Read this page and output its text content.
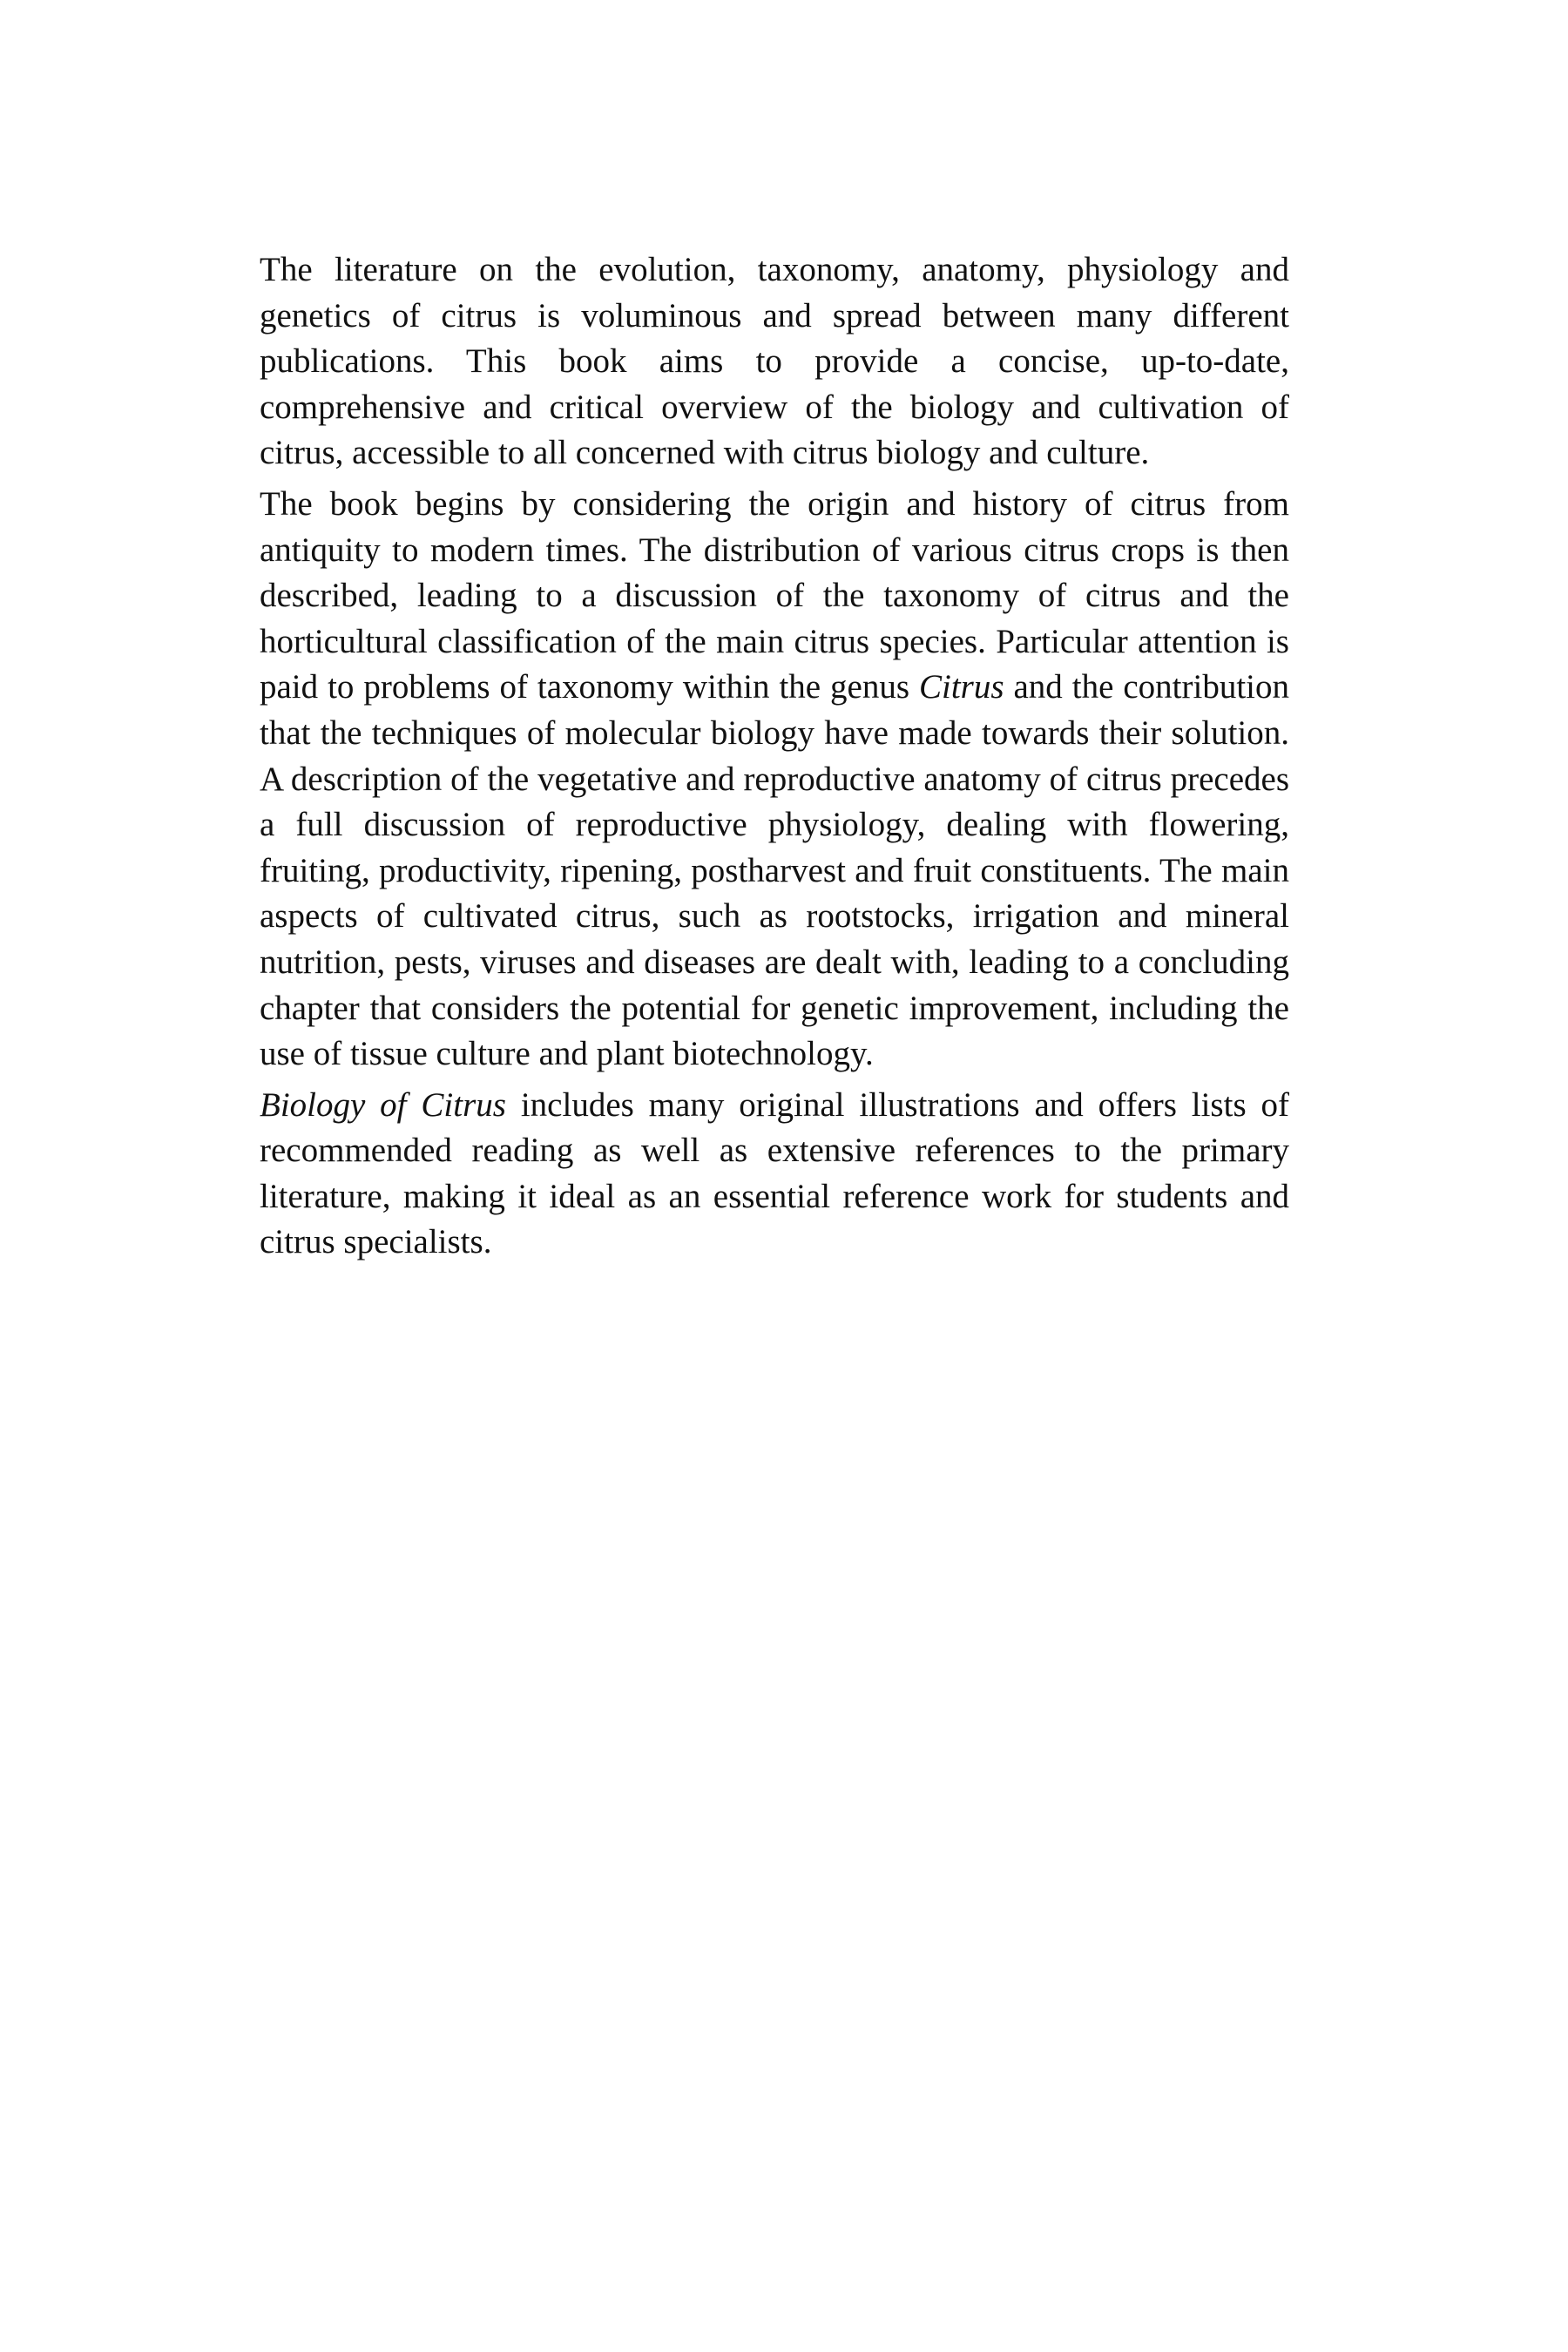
The literature on the evolution, taxonomy, anatomy, physiology and genetics of citrus is voluminous and spread between many different publications. This book aims to provide a concise, up-to-date, comprehensive and critical overview of the biology and cultivation of citrus, accessible to all concerned with citrus biology and culture.

The book begins by considering the origin and history of citrus from antiquity to modern times. The distribution of various citrus crops is then described, leading to a discussion of the taxonomy of citrus and the horticultural classification of the main citrus species. Particular attention is paid to problems of taxonomy within the genus Citrus and the contribution that the techniques of molecular biology have made towards their solution. A description of the vegetative and reproductive anatomy of citrus precedes a full discussion of reproductive physiology, dealing with flowering, fruiting, productivity, ripening, postharvest and fruit constituents. The main aspects of cultivated citrus, such as rootstocks, irrigation and mineral nutrition, pests, viruses and diseases are dealt with, leading to a concluding chapter that considers the potential for genetic improvement, including the use of tissue culture and plant biotechnology.

Biology of Citrus includes many original illustrations and offers lists of recommended reading as well as extensive references to the primary literature, making it ideal as an essential reference work for students and citrus specialists.
